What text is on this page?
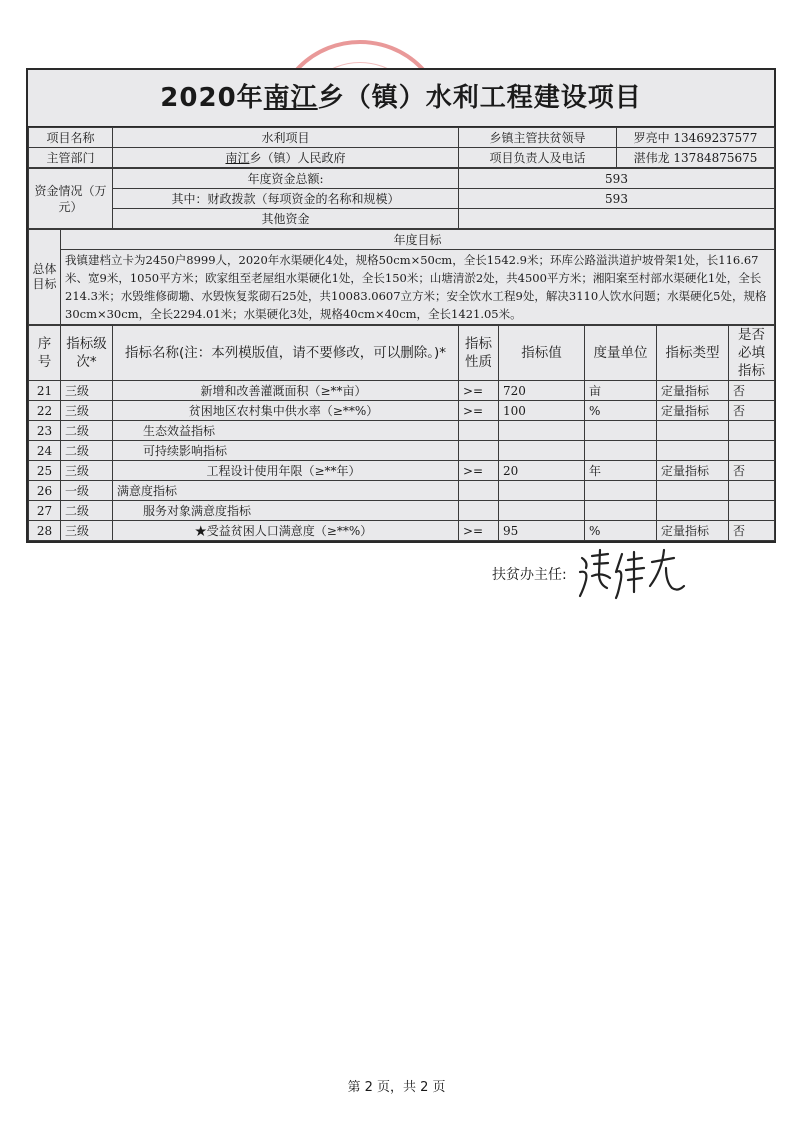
2020年南江乡（镇）水利工程建设项目
项目名称	水利项目	乡镇主管扶贫领导	罗亮中 13469237577
主管部门	南江乡（镇）人民政府	项目负责人及电话	湛伟龙 13784875675
资金情况（万元）	年度资金总额:	593
	其中：财政拨款（每项资金的名称和规模）	593
	其他资金	
总体目标	年度目标
我镇建档立卡为2450户8999人，2020年水渠硬化4处，规格50cm×50cm，全长1542.9米；环库公路溢洪道护坡骨架1处，长116.67米、宽9米，1050平方米；欧家组至老屋组水渠硬化1处，全长150米；山塘清淤2处，共4500平方米；湘阳案至村部水渠硬化1处，全长214.3米；水毁维修砌墈、水毁恢复浆砌石25处，共10083.0607立方米；安全饮水工程9处，解决3110人饮水问题；水渠硬化5处，规格30cm×30cm，全长2294.01米；水渠硬化3处，规格40cm×40cm，全长1421.05米。
序号	指标级次*	指标名称(注：本列模版值，请不要修改，可以删除。)*	指标性质	指标值	度量单位	指标类型	是否必填指标
21	三级	新增和改善灌溉面积（≥**亩）	>=	720	亩	定量指标	否
22	三级	贫困地区农村集中供水率（≥**%）	>=	100	%	定量指标	否
23	二级	生态效益指标					
24	二级	可持续影响指标					
25	三级	工程设计使用年限（≥**年）	>=	20	年	定量指标	否
26	一级	满意度指标					
27	二级	服务对象满意度指标					
28	三级	★受益贫困人口满意度（≥**%）	>=	95	%	定量指标	否
扶贫办主任:
第 2 页，共 2 页
